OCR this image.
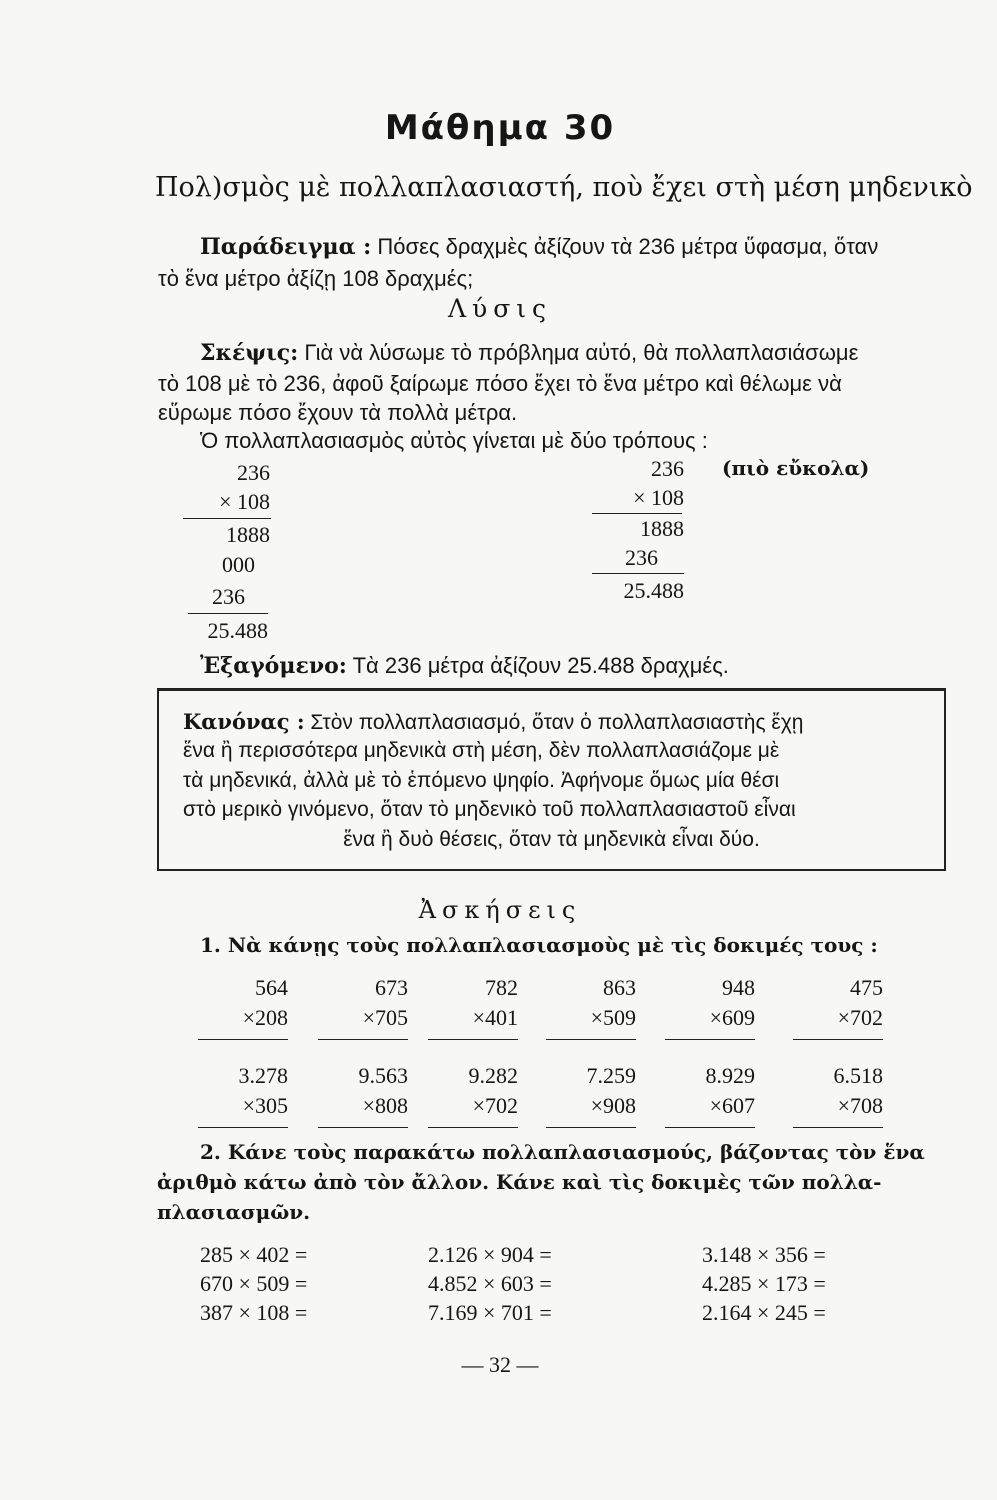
Μάθημα 30
Πολ)σμὸς μὲ πολλαπλασιαστή, ποὺ ἔχει στὴ μέση μηδενικὸ
Παράδειγμα : Πόσες δραχμὲς ἀξίζουν τὰ 236 μέτρα ὕφασμα, ὅταν
τὸ ἕνα μέτρο ἀξίζῃ 108 δραχμές;
Λύσις
Σκέψις: Γιὰ νὰ λύσωμε τὸ πρόβλημα αὐτό, θὰ πολλαπλασιάσωμε
τὸ 108 μὲ τὸ 236, ἀφοῦ ξαίρωμε πόσο ἔχει τὸ ἕνα μέτρο καὶ θέλωμε νὰ
εὕρωμε πόσο ἔχουν τὰ πολλὰ μέτρα.
Ὁ πολλαπλασιασμὸς αὐτὸς γίνεται μὲ δύο τρόπους :
236
× 108
1888
000
236
25.488
236
× 108
1888
236
25.488
(πιὸ εὔκολα)
Ἐξαγόμενο: Τὰ 236 μέτρα ἀξίζουν 25.488 δραχμές.
Κανόνας : Στὸν πολλαπλασιασμό, ὅταν ὁ πολλαπλασιαστὴς ἔχῃ
ἕνα ἢ περισσότερα μηδενικὰ στὴ μέση, δὲν πολλαπλασιάζομε μὲ
τὰ μηδενικά, ἀλλὰ μὲ τὸ ἑπόμενο ψηφίο. Ἀφήνομε ὅμως μία θέσι
στὸ μερικὸ γινόμενο, ὅταν τὸ μηδενικὸ τοῦ πολλαπλασιαστοῦ εἶναι
ἕνα ἢ δυὸ θέσεις, ὅταν τὰ μηδενικὰ εἶναι δύο.
Ἀσκήσεις
1. Νὰ κάνῃς τοὺς πολλαπλασιασμοὺς μὲ τὶς δοκιμές τους :
564
×208
673
×705
782
×401
863
×509
948
×609
475
×702
3.278
×305
9.563
×808
9.282
×702
7.259
×908
8.929
×607
6.518
×708
2. Κάνε τοὺς παρακάτω πολλαπλασιασμούς, βάζοντας τὸν ἕνα
ἀριθμὸ κάτω ἀπὸ τὸν ἄλλον. Κάνε καὶ τὶς δοκιμὲς τῶν πολλα-
πλασιασμῶν.
285 × 402 =
670 × 509 =
387 × 108 =
2.126 × 904 =
4.852 × 603 =
7.169 × 701 =
3.148 × 356 =
4.285 × 173 =
2.164 × 245 =
— 32 —
